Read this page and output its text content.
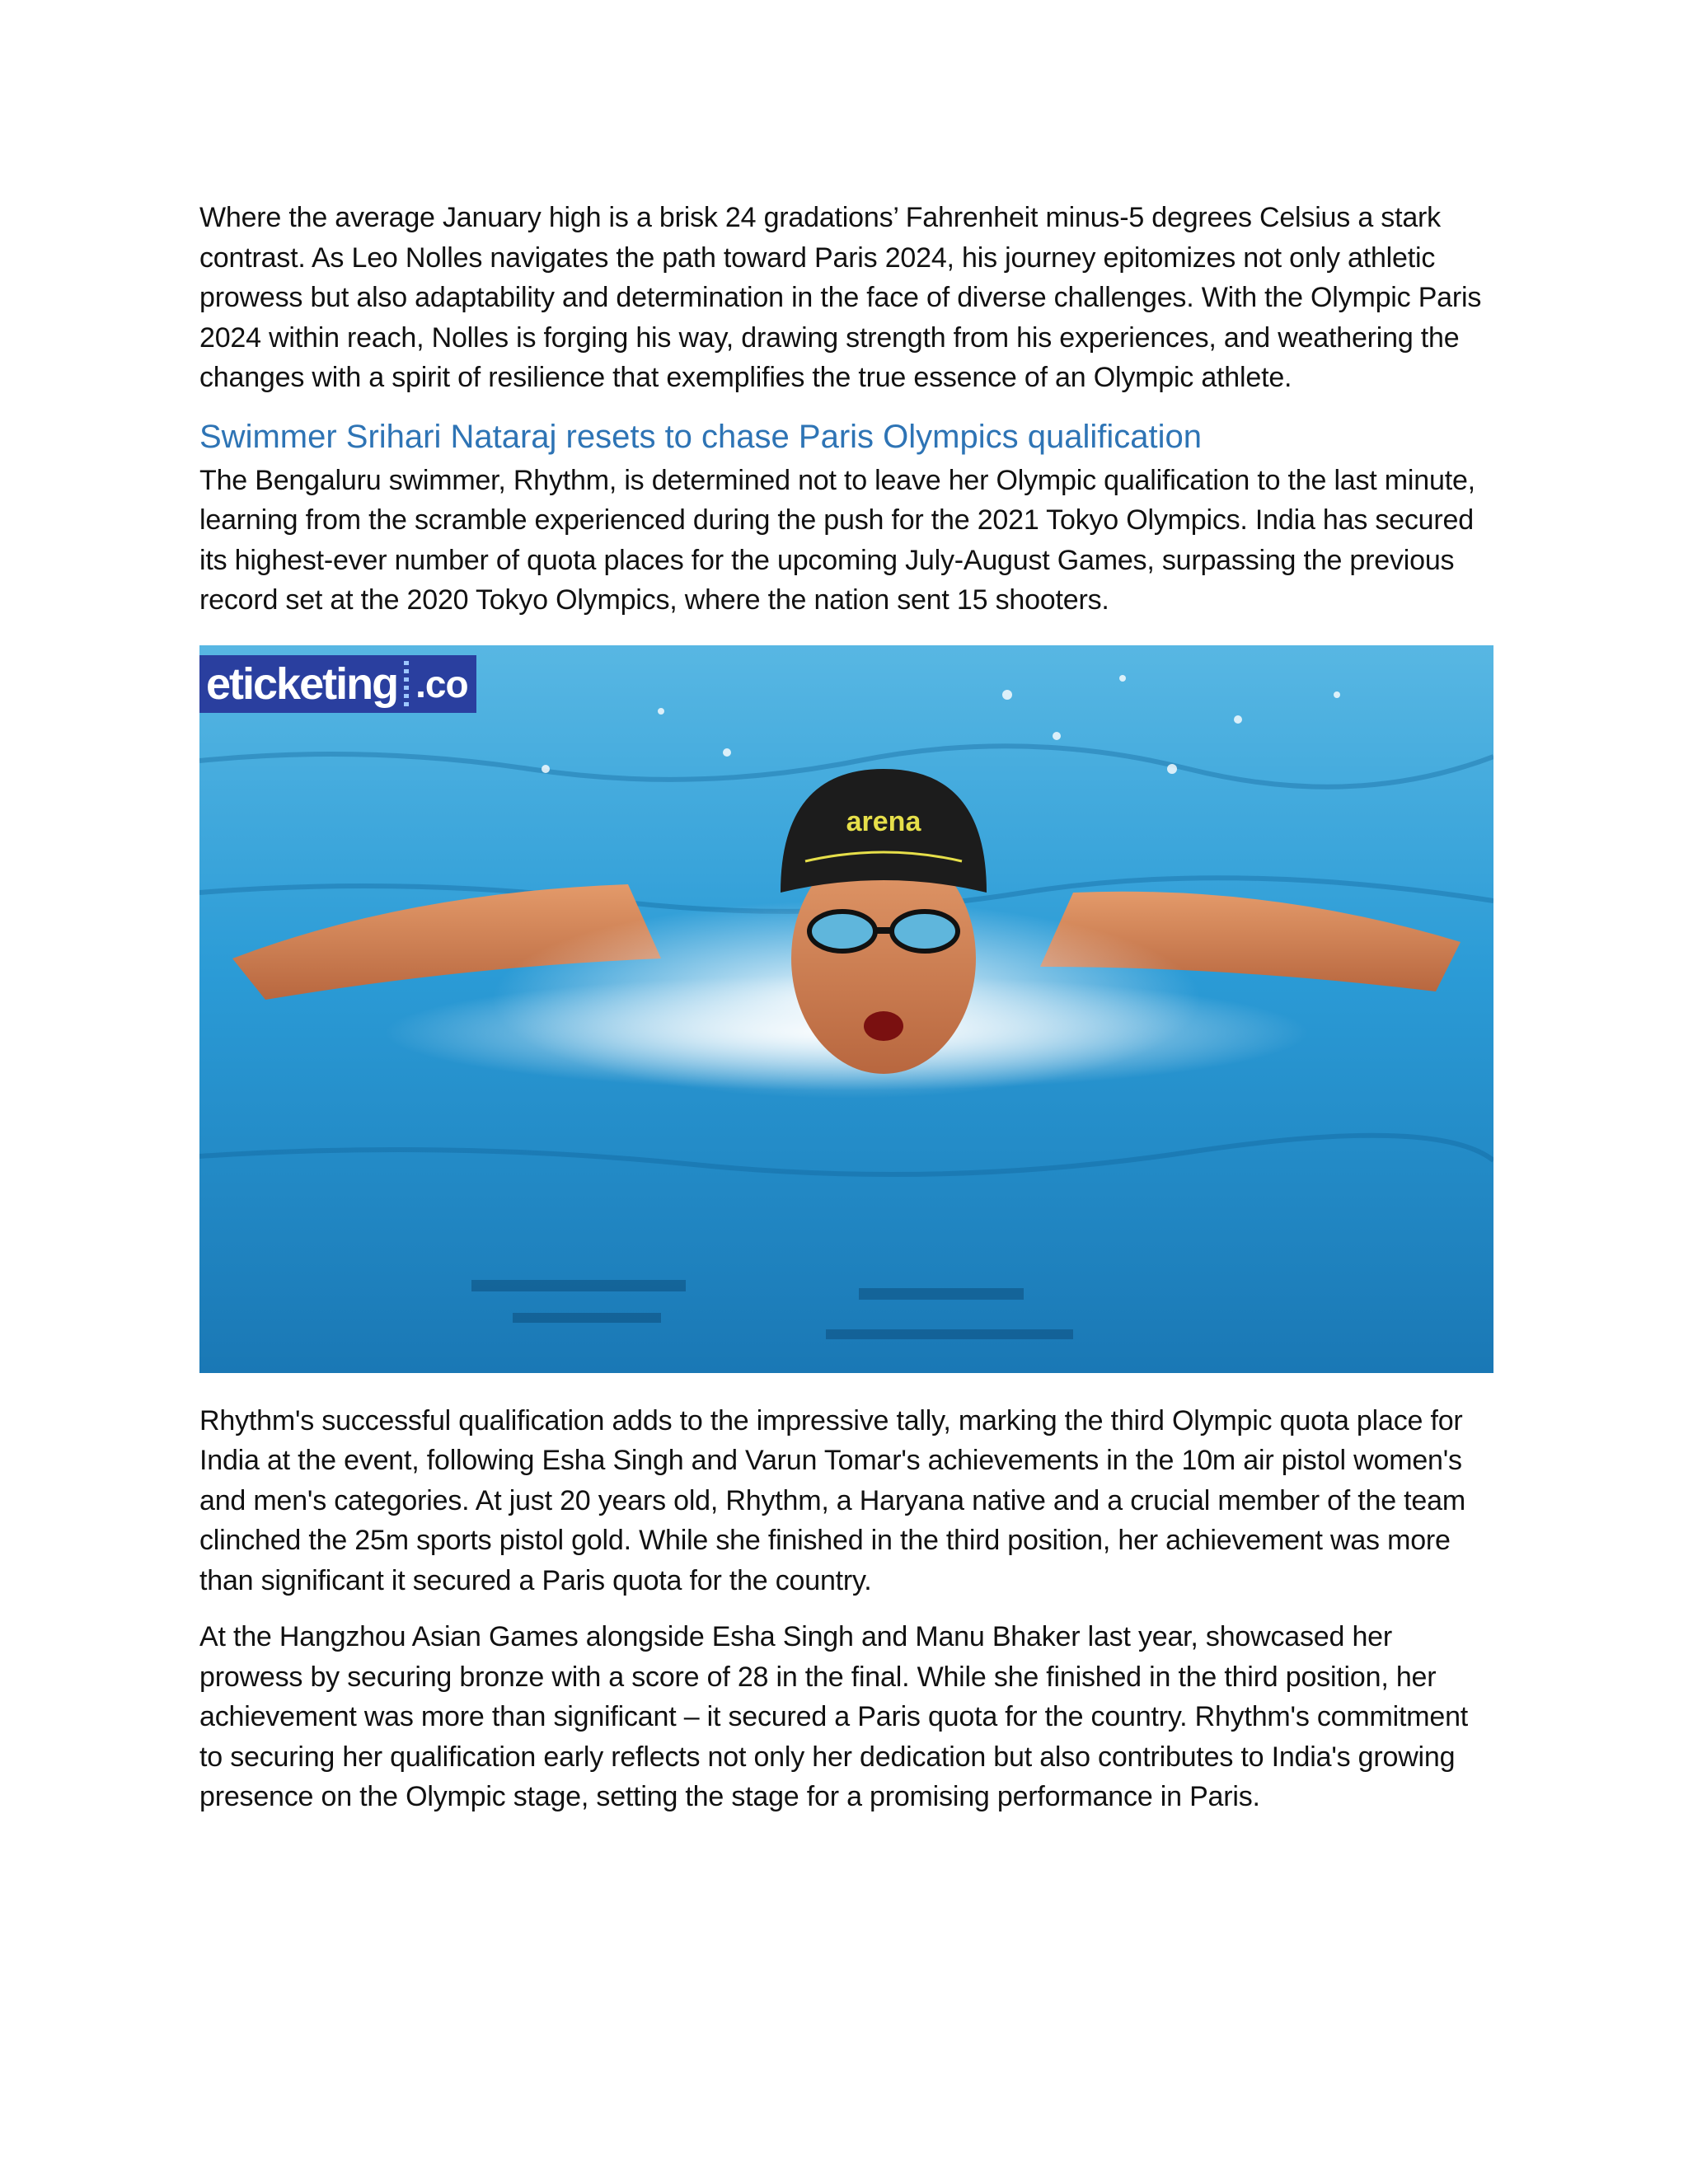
Where the average January high is a brisk 24 gradations’ Fahrenheit minus-5 degrees Celsius a stark contrast. As Leo Nolles navigates the path toward Paris 2024, his journey epitomizes not only athletic prowess but also adaptability and determination in the face of diverse challenges. With the Olympic Paris 2024 within reach, Nolles is forging his way, drawing strength from his experiences, and weathering the changes with a spirit of resilience that exemplifies the true essence of an Olympic athlete.

Swimmer Srihari Nataraj resets to chase Paris Olympics qualification

The Bengaluru swimmer, Rhythm, is determined not to leave her Olympic qualification to the last minute, learning from the scramble experienced during the push for the 2021 Tokyo Olympics. India has secured its highest-ever number of quota places for the upcoming July-August Games, surpassing the previous record set at the 2020 Tokyo Olympics, where the nation sent 15 shooters.

arena
eticketing .co

Rhythm's successful qualification adds to the impressive tally, marking the third Olympic quota place for India at the event, following Esha Singh and Varun Tomar's achievements in the 10m air pistol women's and men's categories. At just 20 years old, Rhythm, a Haryana native and a crucial member of the team clinched the 25m sports pistol gold. While she finished in the third position, her achievement was more than significant it secured a Paris quota for the country.

At the Hangzhou Asian Games alongside Esha Singh and Manu Bhaker last year, showcased her prowess by securing bronze with a score of 28 in the final. While she finished in the third position, her achievement was more than significant – it secured a Paris quota for the country. Rhythm's commitment to securing her qualification early reflects not only her dedication but also contributes to India's growing presence on the Olympic stage, setting the stage for a promising performance in Paris.
